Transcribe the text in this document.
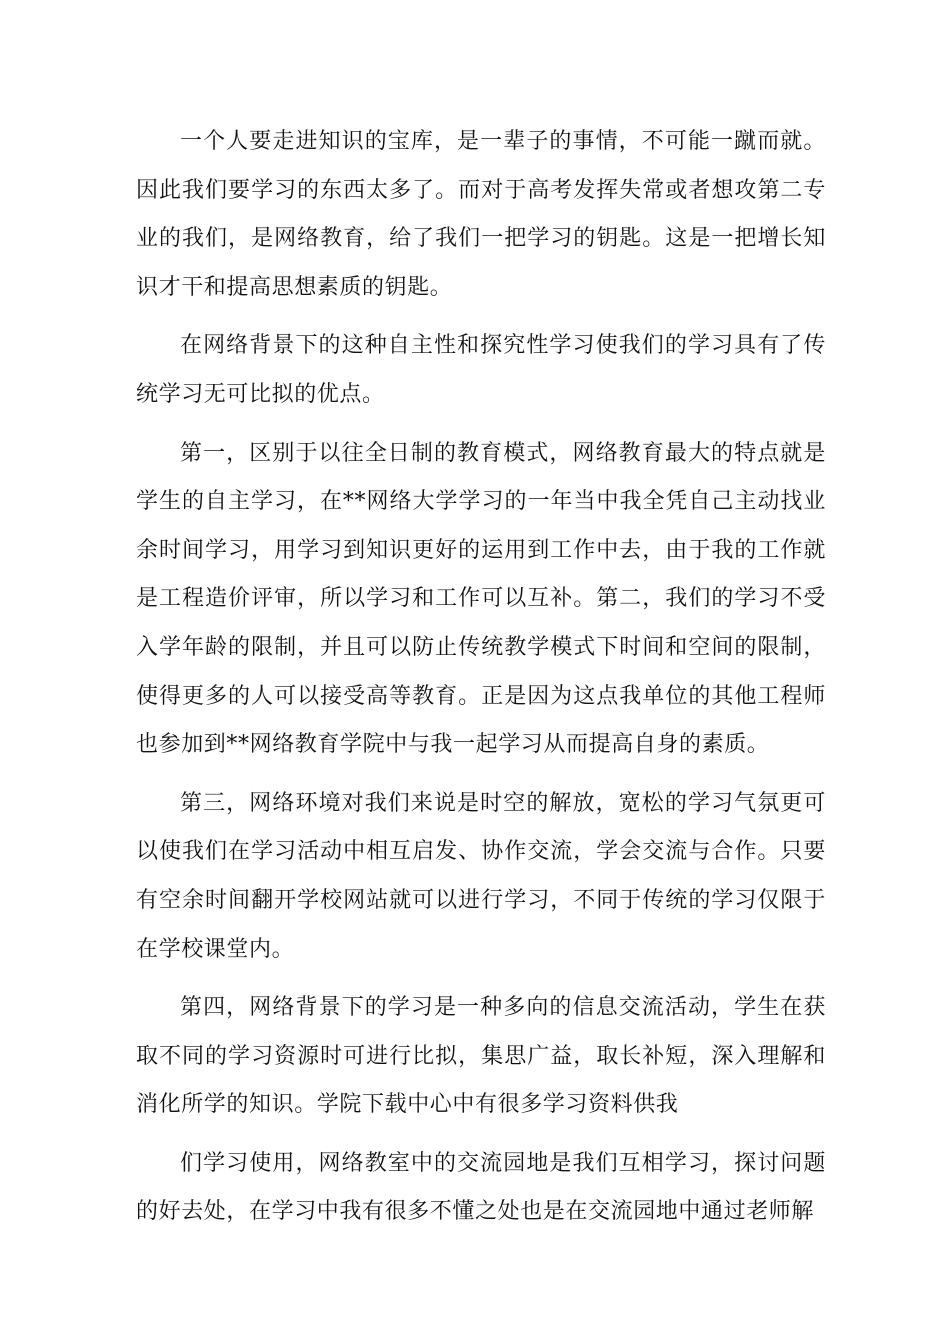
一个人要走进知识的宝库，是一辈子的事情，不可能一蹴而就。因此我们要学习的东西太多了。而对于高考发挥失常或者想攻第二专业的我们，是网络教育，给了我们一把学习的钥匙。这是一把增长知识才干和提高思想素质的钥匙。

在网络背景下的这种自主性和探究性学习使我们的学习具有了传统学习无可比拟的优点。

第一，区别于以往全日制的教育模式，网络教育最大的特点就是学生的自主学习，在**网络大学学习的一年当中我全凭自己主动找业余时间学习，用学习到知识更好的运用到工作中去，由于我的工作就是工程造价评审，所以学习和工作可以互补。第二，我们的学习不受入学年龄的限制，并且可以防止传统教学模式下时间和空间的限制，使得更多的人可以接受高等教育。正是因为这点我单位的其他工程师也参加到**网络教育学院中与我一起学习从而提高自身的素质。

第三，网络环境对我们来说是时空的解放，宽松的学习气氛更可以使我们在学习活动中相互启发、协作交流，学会交流与合作。只要有空余时间翻开学校网站就可以进行学习，不同于传统的学习仅限于在学校课堂内。

第四，网络背景下的学习是一种多向的信息交流活动，学生在获取不同的学习资源时可进行比拟，集思广益，取长补短，深入理解和消化所学的知识。学院下载中心中有很多学习资料供我

们学习使用，网络教室中的交流园地是我们互相学习，探讨问题的好去处，在学习中我有很多不懂之处也是在交流园地中通过老师解
